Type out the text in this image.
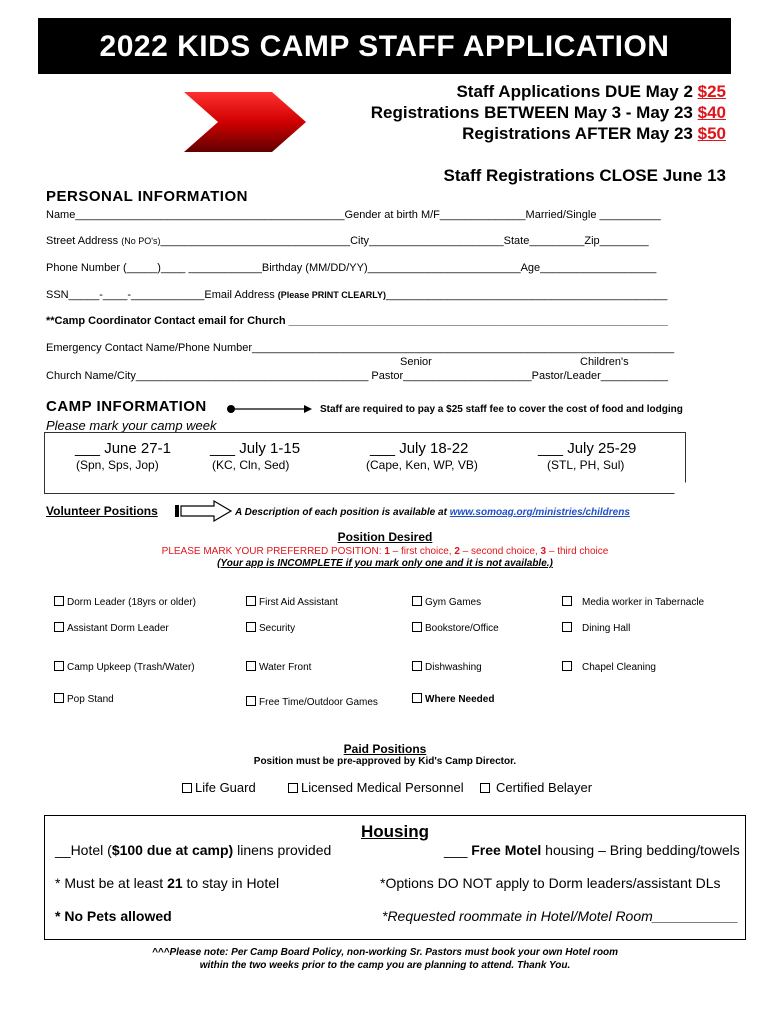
2022 KIDS CAMP STAFF APPLICATION
Staff Applications DUE May 2 $25
Registrations BETWEEN May 3 - May 23 $40
Registrations AFTER May 23 $50
Staff Registrations CLOSE June 13
PERSONAL INFORMATION
Name____________________________________________Gender at birth M/F______________Married/Single __________
Street Address (No PO's)_______________________________City______________________State_________Zip________
Phone Number (_____)____ ____________Birthday (MM/DD/YY)_________________________Age___________________
SSN_____-____-____________Email Address (Please PRINT CLEARLY)______________________________________________
**Camp Coordinator Contact email for Church ______________________________________________________________
Emergency Contact Name/Phone Number_____________________________________________________________________
Senior	Children's
Church Name/City______________________________________ Pastor_____________________Pastor/Leader___________
CAMP INFORMATION	Staff are required to pay a $25 staff fee to cover the cost of food and lodging
Please mark your camp week
___ June 27-1
(Spn, Sps, Jop)
___ July 1-15
(KC, Cln, Sed)
___ July 18-22
(Cape, Ken, WP, VB)
___ July 25-29
(STL, PH, Sul)
Volunteer Positions	A Description of each position is available at www.somoag.org/ministries/childrens
Position Desired
PLEASE MARK YOUR PREFERRED POSITION: 1 – first choice, 2 – second choice, 3 – third choice
(Your app is INCOMPLETE if you mark only one and it is not available.)
Dorm Leader (18yrs or older)	First Aid Assistant	Gym Games	Media worker in Tabernacle
Assistant Dorm Leader	Security	Bookstore/Office	Dining Hall
Camp Upkeep (Trash/Water)	Water Front	Dishwashing	Chapel Cleaning
Pop Stand	Free Time/Outdoor Games	Where Needed
Paid Positions
Position must be pre-approved by Kid's Camp Director.
Life Guard	Licensed Medical Personnel	Certified Belayer
Housing
__Hotel ($100 due at camp) linens provided	___ Free Motel housing – Bring bedding/towels
* Must be at least 21 to stay in Hotel	*Options DO NOT apply to Dorm leaders/assistant DLs
* No Pets allowed	*Requested roommate in Hotel/Motel Room___________
^^^Please note: Per Camp Board Policy, non-working Sr. Pastors must book your own Hotel room
within the two weeks prior to the camp you are planning to attend. Thank You.
